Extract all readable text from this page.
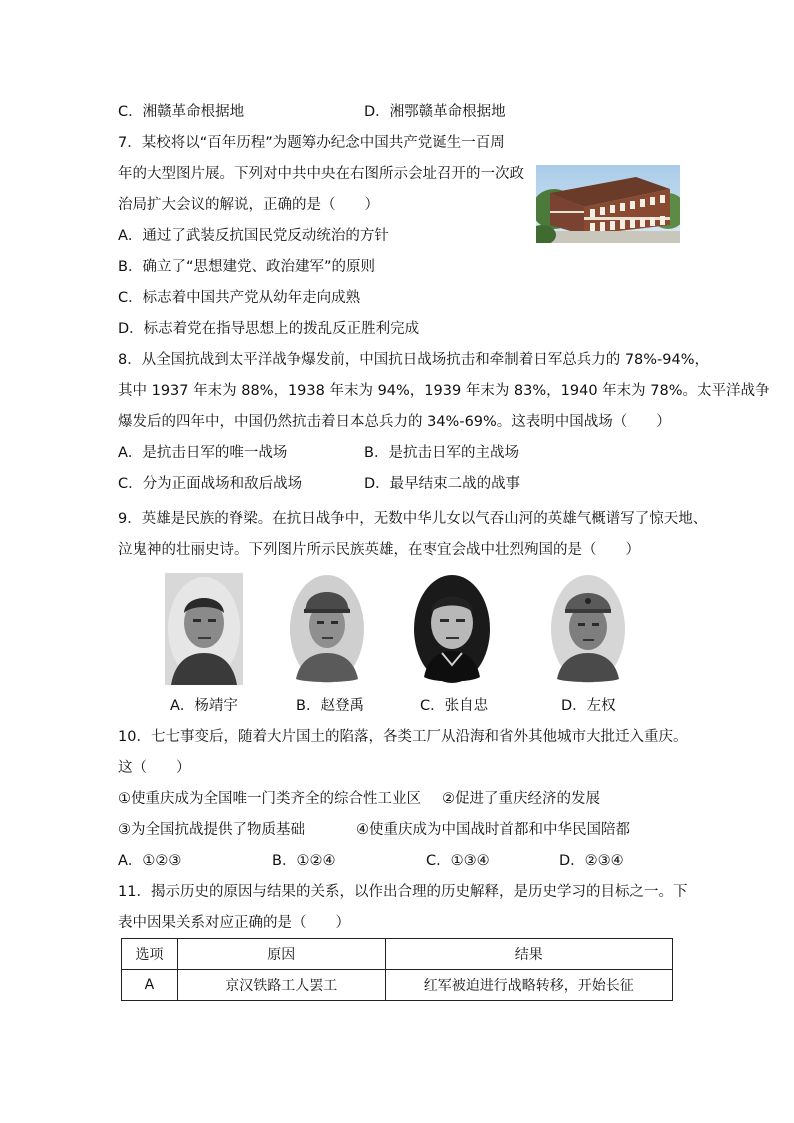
C．湘赣革命根据地	D．湘鄂赣革命根据地
7．某校将以“百年历程”为题筹办纪念中国共产党诞生一百周
年的大型图片展。下列对中共中央在右图所示会址召开的一次政
治局扩大会议的解说，正确的是（　　）
A．通过了武装反抗国民党反动统治的方针
B．确立了“思想建党、政治建军”的原则
C．标志着中国共产党从幼年走向成熟
D．标志着党在指导思想上的拨乱反正胜利完成
8．从全国抗战到太平洋战争爆发前，中国抗日战场抗击和牵制着日军总兵力的 78%-94%，
其中 1937 年末为 88%，1938 年末为 94%，1939 年末为 83%，1940 年末为 78%。太平洋战争
爆发后的四年中，中国仍然抗击着日本总兵力的 34%-69%。这表明中国战场（　　）
A．是抗击日军的唯一战场	B．是抗击日军的主战场
C．分为正面战场和敌后战场	D．最早结束二战的战事
9．英雄是民族的脊梁。在抗日战争中，无数中华儿女以气吞山河的英雄气概谱写了惊天地、
泣鬼神的壮丽史诗。下列图片所示民族英雄，在枣宜会战中壮烈殉国的是（　　）
A．杨靖宇	B．赵登禹	C．张自忠	D．左权
10．七七事变后，随着大片国土的陷落，各类工厂从沿海和省外其他城市大批迁入重庆。
这（　　）
①使重庆成为全国唯一门类齐全的综合性工业区 ②促进了重庆经济的发展
③为全国抗战提供了物质基础	④使重庆成为中国战时首都和中华民国陪都
A．①②③	B．①②④	C．①③④	D．②③④
11．揭示历史的原因与结果的关系，以作出合理的历史解释，是历史学习的目标之一。下
表中因果关系对应正确的是（　　）
选项	原因	结果
A	京汉铁路工人罢工	红军被迫进行战略转移，开始长征
